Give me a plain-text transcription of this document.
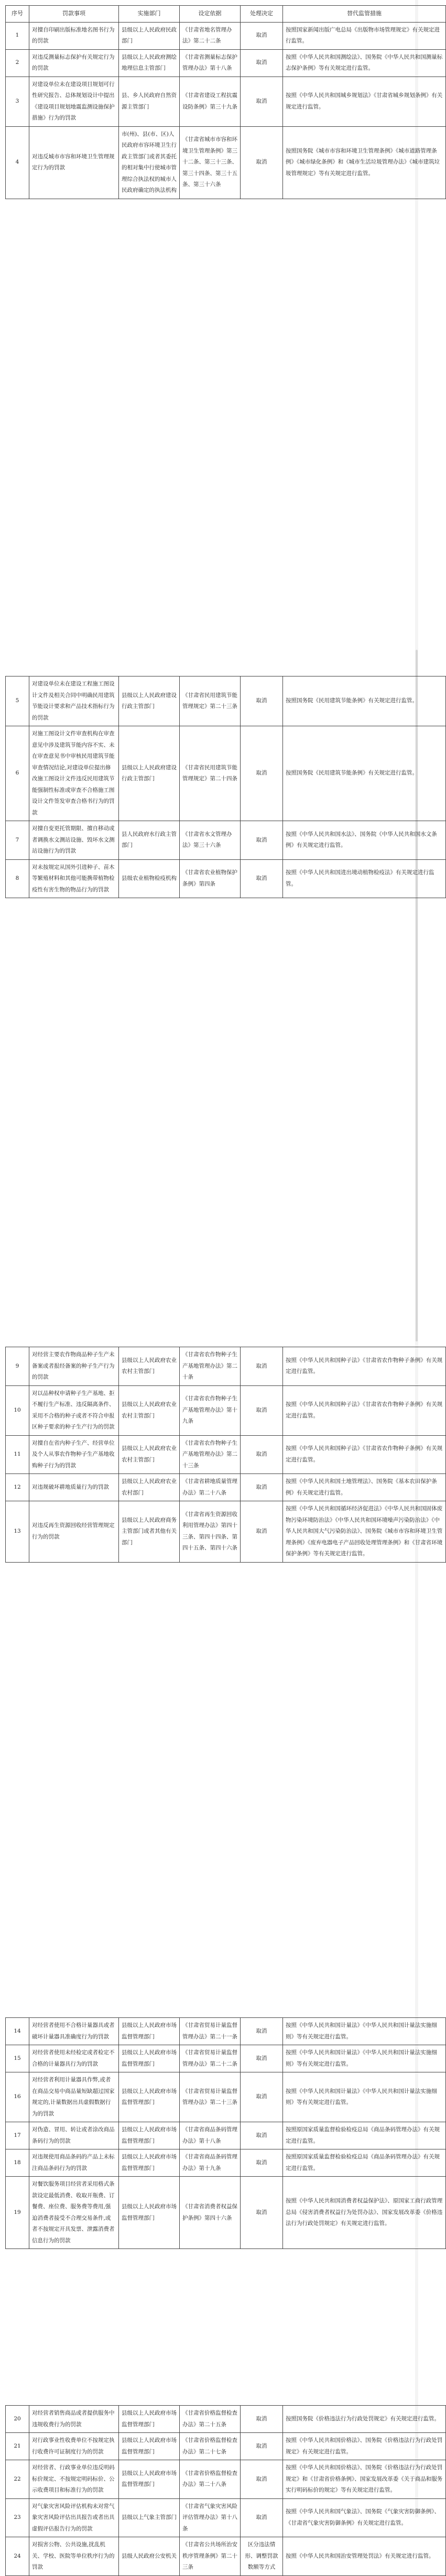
序号	罚款事项	实施部门	设定依据	处理决定	替代监管措施
1	对擅自印刷出版标准地名图书行为的罚款	县级以上人民政府民政部门	《甘肃省地名管理办法》第二十二条	取消	按照国家新闻出版广电总局《出版物市场管理规定》有关规定进行监管。
2	对违反测量标志保护有关规定行为的罚款	县级以上人民政府测绘地理信息主管部门	《甘肃省测量标志保护管理办法》第十八条	取消	按照《中华人民共和国测绘法》、国务院《中华人民共和国测量标志保护条例》等有关规定进行监管。
3	对建设单位未在建设项目规划可行性研究报告、总体规划设计中提出《建设项目规划地震监测设施保护措施》行为的罚款	县、乡人民政府自然资源主管部门	《甘肃省建设工程抗震设防条例》第三十九条	取消	按照《中华人民共和国城乡规划法》《甘肃省城乡规划条例》有关规定进行监管。
4	对违反城市市容和环境卫生管理规定行为的罚款	市(州)、县(市、区)人民政府市容环境卫生行政主管部门或者其委托的相对集中行使城市管理综合执法权的城市人民政府确定的执法机构	《甘肃省城市市容和环境卫生管理条例》第三十二条、第三十三条、第三十四条、第三十五条、第三十六条	取消	按照国务院《城市市容和环境卫生管理条例》《城市道路管理条例》《城市绿化条例》和《城市生活垃圾管理办法》《城市建筑垃圾管理规定》等有关规定进行监管。
5	对建设单位未在建设工程施工图设计文件及相关合同中明确民用建筑节能设计要求和产品技术指标行为的罚款	县级以上人民政府建设行政主管部门	《甘肃省民用建筑节能管理规定》第二十三条	取消	按照国务院《民用建筑节能条例》有关规定进行监管。
6	对施工图设计文件审查机构在审查意见中涉及建筑节能内容不实、未在审查意见书中审核民用建筑节能审查情况结论,对建设单位提出修改施工图设计文件违反民用建筑节能强制性标准或审查不合格施工图设计文件签发审查合格书行为的罚款	县级以上人民政府建设行政主管部门	《甘肃省民用建筑节能管理规定》第二十四条	取消	按照国务院《民用建筑节能条例》有关规定进行监管。
7	对擅自变更托管期限、擅自移动或者调换水文测站设施、毁坏水文测站设施行为的罚款	县人民政府水行政主管部门	《甘肃省水文管理办法》第三十六条	取消	按照《中华人民共和国水法》、国务院《中华人民共和国水文条例》有关规定进行监管。
8	对未按规定从国外引进种子、苗木等繁殖材料和其他可能携带植物检疫性有害生物的物品行为的罚款	县级农业植物检疫机构	《甘肃省农业植物保护条例》第四条	取消	按照《中华人民共和国进出境动植物检疫法》有关规定进行监管。
9	对经营主要农作物商品种子生产未备案或者报经备案的种子生产行为的罚款	县级以上人民政府农业农村主管部门	《甘肃省农作物种子生产基地管理办法》第二十条	取消	按照《中华人民共和国种子法》《甘肃省农作物种子条例》有关规定进行监管。
10	对以品种权申请种子生产基地、拒不履行生产标准、违反隔离条件、采用不合格的种子或者不符合申报区种子要求的种子生产行为的罚款	县级以上人民政府农业农村主管部门	《甘肃省农作物种子生产基地管理办法》第十九条	取消	按照《中华人民共和国种子法》《甘肃省农作物种子条例》有关规定进行监管。
11	对擅自在省内种子生产、经营单位及个人从事农作物种子生产基地收购种子行为的罚款	县级以上人民政府农业农村主管部门	《甘肃省农作物种子生产基地管理办法》第二十三条	取消	按照《中华人民共和国种子法》《甘肃省农作物种子条例》有关规定进行监管。
12	对违规破坏耕地质量行为的罚款	县级以上人民政府农业农村部门	《甘肃省耕地质量管理办法》第二十八条	取消	按照《中华人民共和国土地管理法》、国务院《基本农田保护条例》有关规定进行监管。
13	对违反再生资源回收经营管理规定行为的罚款	县级以上人民政府商务主管部门或者其他有关部门	《甘肃省再生资源回收利用管理办法》第四十三条、第四十四条、第四十五条、第四十六条	取消	按照《中华人民共和国循环经济促进法》《中华人民共和国固体废物污染环境防治法》《中华人民共和国环境噪声污染防治法》《中华人民共和国大气污染防治法》、国务院《城市市容和环境卫生管理条例》《废弃电器电子产品回收处理管理条例》和《甘肃省环境保护条例》等有关规定进行监管。
14	对经营者使用不合格计量器具或者破坏计量器具准确度行为的罚款	县级以上人民政府市场监督管理部门	《甘肃省贸易计量监督管理办法》第二十一条	取消	按照《中华人民共和国计量法》《中华人民共和国计量法实施细则》等有关规定进行监管。
15	对经营者使用未经检定或者检定不合格的计量器具行为的罚款	县级以上人民政府市场监督管理部门	《甘肃省贸易计量监督管理办法》第二十二条	取消	按照《中华人民共和国计量法》《中华人民共和国计量法实施细则》等有关规定进行监管。
16	对经营者利用计量器具作弊,或者在商品交易中商品量短缺超过国家规定的,计量数据出具虚假数据行为的罚款	县级以上人民政府市场监督管理部门	《甘肃省贸易计量监督管理办法》第二十三条	取消	按照《中华人民共和国计量法》《中华人民共和国计量法实施细则》等有关规定进行监管。
17	对伪造、冒用、转让或者涂改商品条码行为的罚款	县级以上人民政府市场监督管理部门	《甘肃省商品条码管理办法》第十八条	取消	按照原国家质量监督检验检疫总局《商品条码管理办法》有关规定进行监管。
18	对违规使用商品条码的产品上未标注商品条码行为的罚款	县级以上人民政府市场监督管理部门	《甘肃省商品条码管理办法》第十九条	取消	按照原国家质量监督检验检疫总局《商品条码管理办法》有关规定进行监管。
19	对餐饮服务项目经营者采用格式条款设定最低消费、收取开瓶费、订餐费、座位费、服务费等费用,强迫消费者接受不合理交易条件,或者不按规定开具发票、泄露消费者信息行为的罚款	县级以上人民政府市场监督管理部门	《甘肃省消费者权益保护条例》第四十六条	取消	按照《中华人民共和国消费者权益保护法》、原国家工商行政管理总局《侵害消费者权益行为处罚办法》、国家发展改革委《价格违法行为行政处罚规定》有关规定进行监管。
20	对经营者销售商品或者提供服务中违规收费行为的罚款	县级以上人民政府市场监督管理部门	《甘肃省价格监督检查办法》第二十五条	取消	按照国务院《价格违法行为行政处罚规定》有关规定进行监管。
21	对行政事业性收费单位不按规定执行收费许可证制度行为的罚款	县级以上人民政府市场监督管理部门	《甘肃省价格监督检查办法》第二十七条	取消	按照《中华人民共和国价格法》、国务院《价格违法行为行政处罚规定》有关规定进行监管。
22	对经营者、行政事业单位违反明码标价规定、不按规定明码标价、公示收费项目和标准行为的罚款	县级以上人民政府市场监督管理部门	《甘肃省价格监督检查办法》第二十八条	取消	按照《中华人民共和国价格法》、国务院《价格违法行为行政处罚规定》和《甘肃省价格条例》、国家发展改革委《关于商品和服务实行明码标价的规定》等有关规定进行监管。
23	对气象灾害风险评估机构未对常气象灾害风险评估出具报告或者出具虚假评估报告行为的罚款	县级以上气象主管部门	《甘肃省气象灾害风险评估管理办法》第十八条	取消	按照《中华人民共和国气象法》、国务院《气象灾害防御条例》、《甘肃省气象灾害防御条例》有关规定进行监管。
24	对损害公物、公共设施,扰乱机关、学校、医院等单位秩序行为的罚款	县级人民政府公安机关	《甘肃省公共场所治安秩序管理条例》第二十三条	区分违法情形、调整罚款数额等方式	按照《中华人民共和国治安管理处罚法》有关规定进行监管。
